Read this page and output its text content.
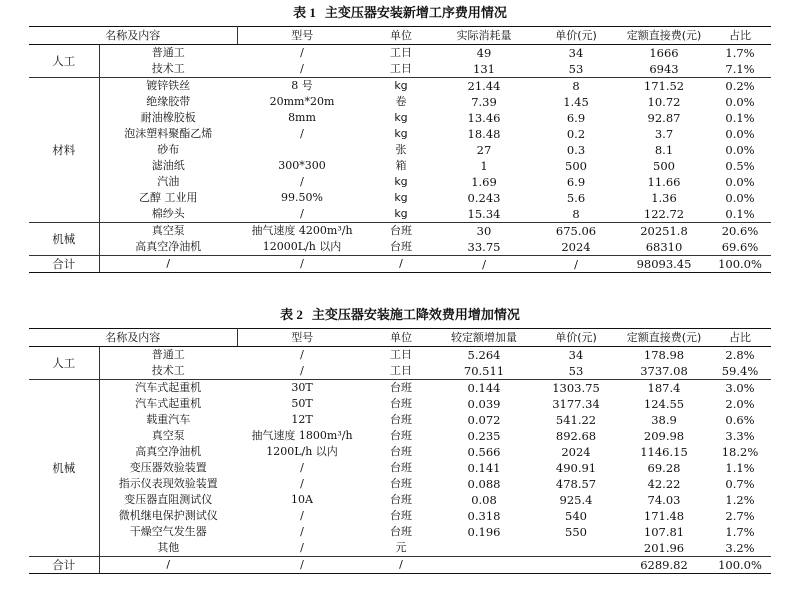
表 1 主变压器安装新增工序费用情况
名称及内容		型号	单位	实际消耗量	单价(元)	定额直接费(元)	占比
人工	普通工	/	工日	49	34	1666	1.7%
	技术工	/	工日	131	53	6943	7.1%
材料	镀锌铁丝	8 号	kg	21.44	8	171.52	0.2%
	绝缘胶带	20mm*20m	卷	7.39	1.45	10.72	0.0%
	耐油橡胶板	8mm	kg	13.46	6.9	92.87	0.1%
	泡沫塑料聚酯乙烯	/	kg	18.48	0.2	3.7	0.0%
	砂布		张	27	0.3	8.1	0.0%
	滤油纸	300*300	箱	1	500	500	0.5%
	汽油	/	kg	1.69	6.9	11.66	0.0%
	乙醇 工业用	99.50%	kg	0.243	5.6	1.36	0.0%
	棉纱头	/	kg	15.34	8	122.72	0.1%
机械	真空泵	抽气速度 4200m³/h	台班	30	675.06	20251.8	20.6%
	高真空净油机	12000L/h 以内	台班	33.75	2024	68310	69.6%
合计	/	/	/	/	/	98093.45	100.0%
表 2 主变压器安装施工降效费用增加情况
名称及内容		型号	单位	较定额增加量	单价(元)	定额直接费(元)	占比
人工	普通工	/	工日	5.264	34	178.98	2.8%
	技术工	/	工日	70.511	53	3737.08	59.4%
机械	汽车式起重机	30T	台班	0.144	1303.75	187.4	3.0%
	汽车式起重机	50T	台班	0.039	3177.34	124.55	2.0%
	载重汽车	12T	台班	0.072	541.22	38.9	0.6%
	真空泵	抽气速度 1800m³/h	台班	0.235	892.68	209.98	3.3%
	高真空净油机	1200L/h 以内	台班	0.566	2024	1146.15	18.2%
	变压器效验装置	/	台班	0.141	490.91	69.28	1.1%
	指示仪表现效验装置	/	台班	0.088	478.57	42.22	0.7%
	变压器直阻测试仪	10A	台班	0.08	925.4	74.03	1.2%
	微机继电保护测试仪	/	台班	0.318	540	171.48	2.7%
	干燥空气发生器	/	台班	0.196	550	107.81	1.7%
	其他	/	元			201.96	3.2%
合计	/	/	/			6289.82	100.0%
